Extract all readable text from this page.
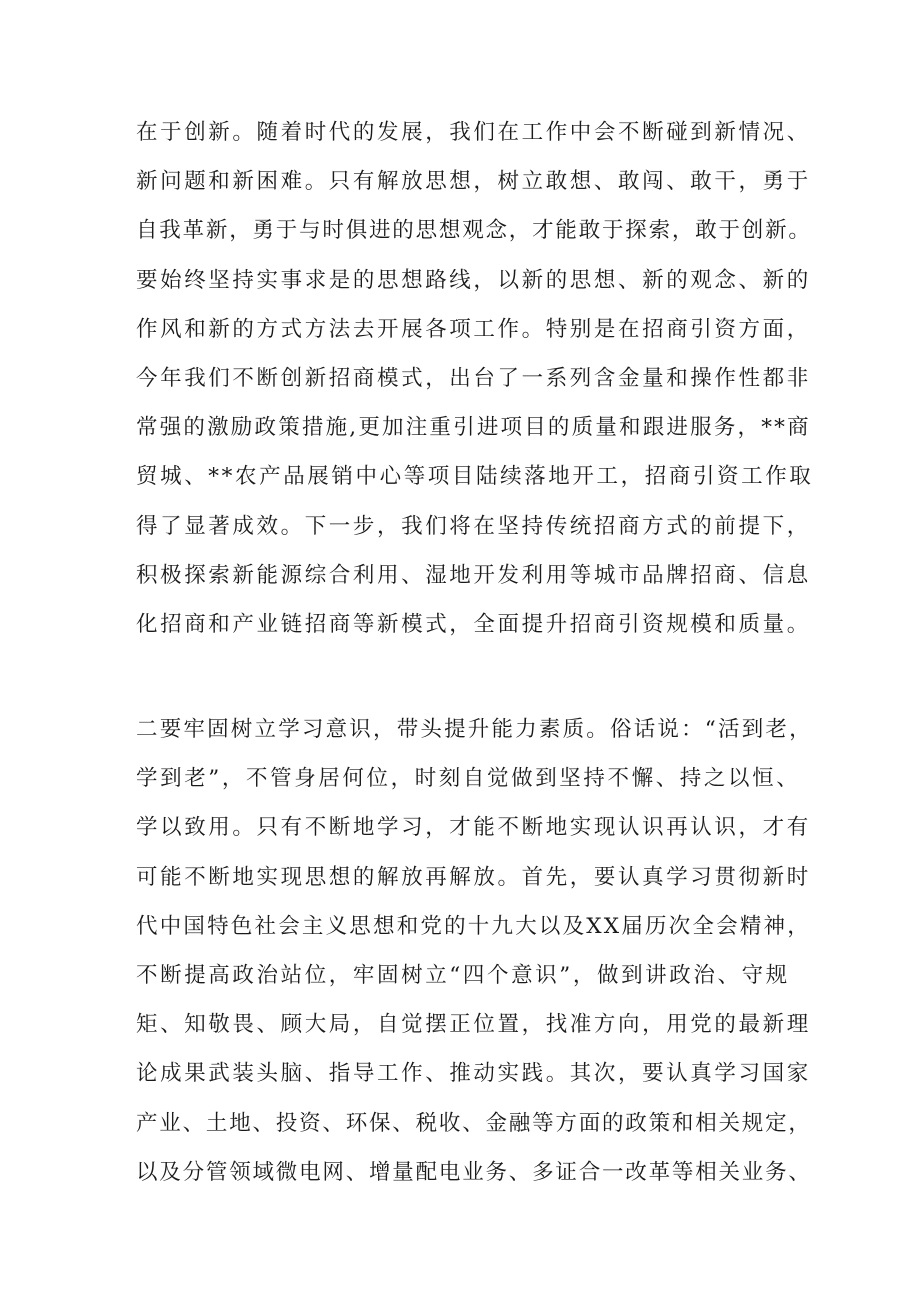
在于创新。随着时代的发展，我们在工作中会不断碰到新情况、
新问题和新困难。只有解放思想，树立敢想、敢闯、敢干，勇于
自我革新，勇于与时俱进的思想观念，才能敢于探索，敢于创新。
要始终坚持实事求是的思想路线，以新的思想、新的观念、新的
作风和新的方式方法去开展各项工作。特别是在招商引资方面，
今年我们不断创新招商模式，出台了一系列含金量和操作性都非
常强的激励政策措施,更加注重引进项目的质量和跟进服务，**商
贸城、**农产品展销中心等项目陆续落地开工，招商引资工作取
得了显著成效。下一步，我们将在坚持传统招商方式的前提下，
积极探索新能源综合利用、湿地开发利用等城市品牌招商、信息
化招商和产业链招商等新模式，全面提升招商引资规模和质量。
二要牢固树立学习意识，带头提升能力素质。俗话说：“活到老，
学到老”，不管身居何位，时刻自觉做到坚持不懈、持之以恒、
学以致用。只有不断地学习，才能不断地实现认识再认识，才有
可能不断地实现思想的解放再解放。首先，要认真学习贯彻新时
代中国特色社会主义思想和党的十九大以及XX届历次全会精神，
不断提高政治站位，牢固树立“四个意识”，做到讲政治、守规
矩、知敬畏、顾大局，自觉摆正位置，找准方向，用党的最新理
论成果武装头脑、指导工作、推动实践。其次，要认真学习国家
产业、土地、投资、环保、税收、金融等方面的政策和相关规定，
以及分管领域微电网、增量配电业务、多证合一改革等相关业务、
